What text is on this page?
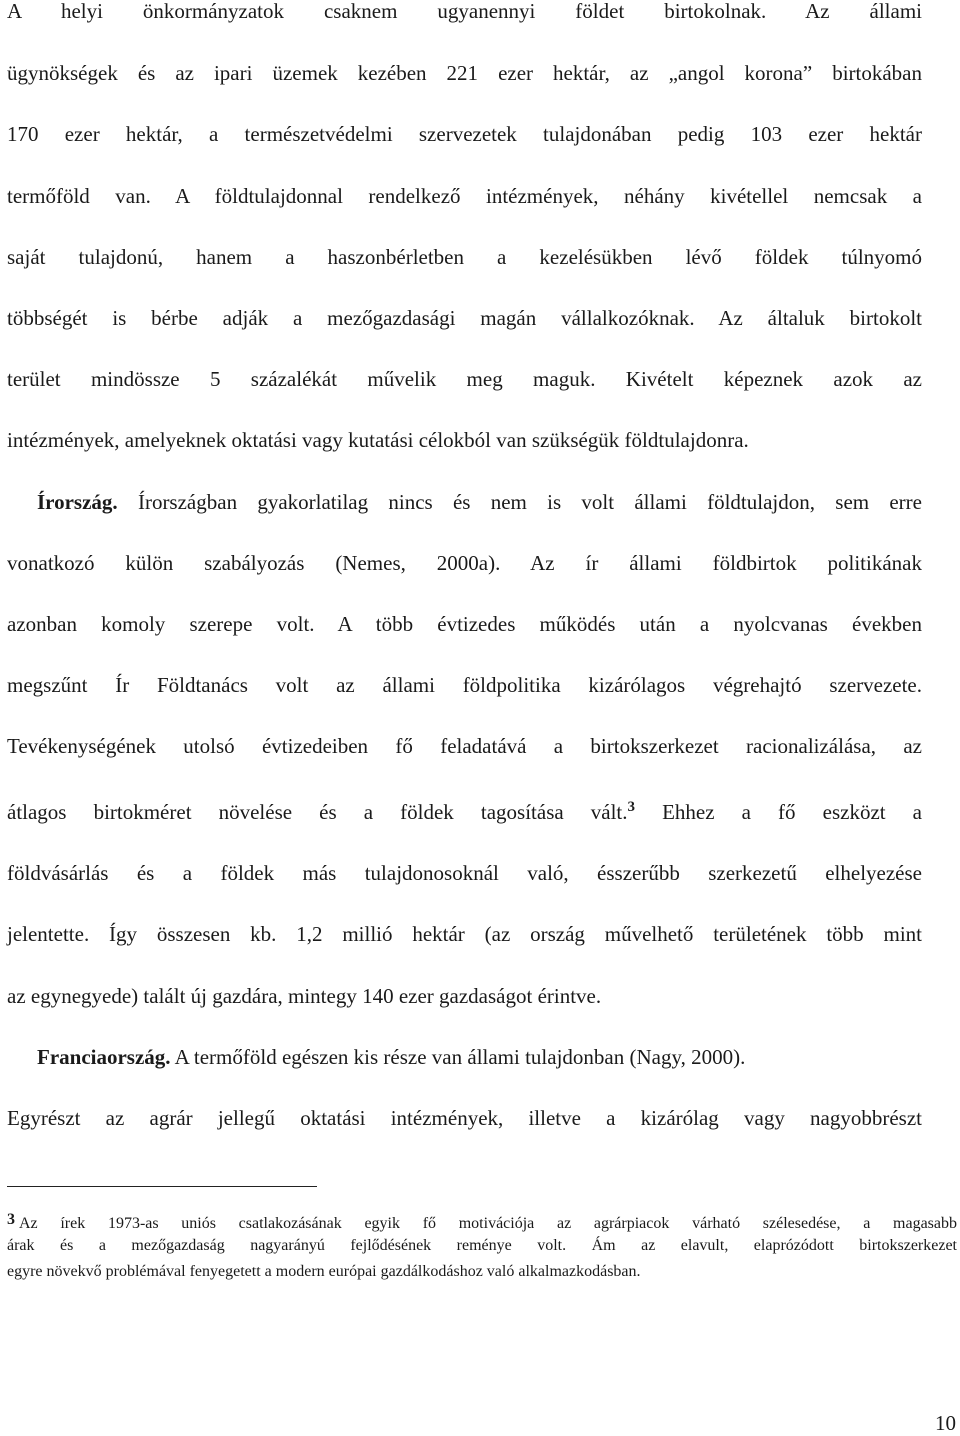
A helyi önkormányzatok csaknem ugyanennyi földet birtokolnak. Az állami
ügynökségek és az ipari üzemek kezében 221 ezer hektár, az „angol korona” birtokában
170 ezer hektár, a természetvédelmi szervezetek tulajdonában pedig 103 ezer hektár
termőföld van. A földtulajdonnal rendelkező intézmények, néhány kivétellel nemcsak a
saját tulajdonú, hanem a haszonbérletben a kezelésükben lévő földek túlnyomó
többségét is bérbe adják a mezőgazdasági magán vállalkozóknak. Az általuk birtokolt
terület mindössze 5 százalékát művelik meg maguk. Kivételt képeznek azok az
intézmények, amelyeknek oktatási vagy kutatási célokból van szükségük földtulajdonra.
Írország. Írországban gyakorlatilag nincs és nem is volt állami földtulajdon, sem erre
vonatkozó külön szabályozás (Nemes, 2000a). Az ír állami földbirtok politikának
azonban komoly szerepe volt. A több évtizedes működés után a nyolcvanas években
megszűnt Ír Földtanács volt az állami földpolitika kizárólagos végrehajtó szervezete.
Tevékenységének utolsó évtizedeiben fő feladatává a birtokszerkezet racionalizálása, az
átlagos birtokméret növelése és a földek tagosítása vált.$^3$ Ehhez a fő eszközt a
földvásárlás és a földek más tulajdonosoknál való, ésszerűbb szerkezetű elhelyezése
jelentette. Így összesen kb. 1,2 millió hektár (az ország művelhető területének több mint
az egynegyede) talált új gazdára, mintegy 140 ezer gazdaságot érintve.
Franciaország. A termőföld egészen kis része van állami tulajdonban (Nagy, 2000).
Egyrészt az agrár jellegű oktatási intézmények, illetve a kizárólag vagy nagyobbrészt
3 Az írek 1973-as uniós csatlakozásának egyik fő motivációja az agrárpiacok várható szélesedése, a magasabb
árak és a mezőgazdaság nagyarányú fejlődésének reménye volt. Ám az elavult, elaprózódott birtokszerkezet
egyre növekvő problémával fenyegetett a modern európai gazdálkodáshoz való alkalmazkodásban.
10
